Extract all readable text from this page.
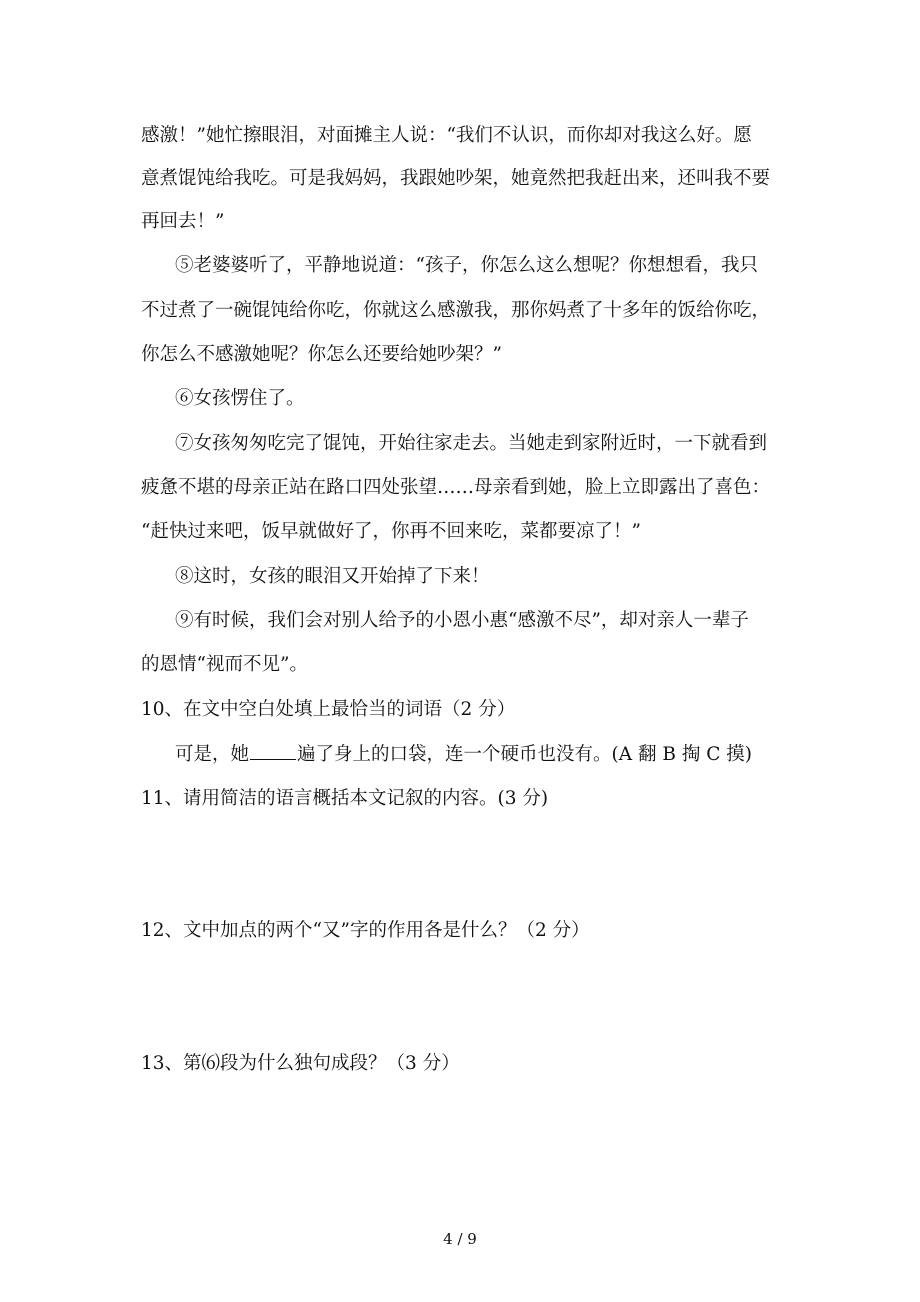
感激！”她忙擦眼泪，对面摊主人说：“我们不认识，而你却对我这么好。愿
意煮馄饨给我吃。可是我妈妈，我跟她吵架，她竟然把我赶出来，还叫我不要
再回去！”
⑤老婆婆听了，平静地说道：“孩子，你怎么这么想呢？你想想看，我只
不过煮了一碗馄饨给你吃，你就这么感激我，那你妈煮了十多年的饭给你吃，
你怎么不感激她呢？你怎么还要给她吵架？”
⑥女孩愣住了。
⑦女孩匆匆吃完了馄饨，开始往家走去。当她走到家附近时，一下就看到
疲惫不堪的母亲正站在路口四处张望……母亲看到她，脸上立即露出了喜色：
“赶快过来吧，饭早就做好了，你再不回来吃，菜都要凉了！”
⑧这时，女孩的眼泪又开始掉了下来！
⑨有时候，我们会对别人给予的小恩小惠“感激不尽”，却对亲人一辈子
的恩情“视而不见”。
10、在文中空白处填上最恰当的词语（2 分）
可是，她	遍了身上的口袋，连一个硬币也没有。(A 翻 B 掏 C 摸)
11、请用简洁的语言概括本文记叙的内容。(3 分)
12、文中加点的两个“又”字的作用各是什么？（2 分）
13、第⑹段为什么独句成段？（3 分）
4 / 9
